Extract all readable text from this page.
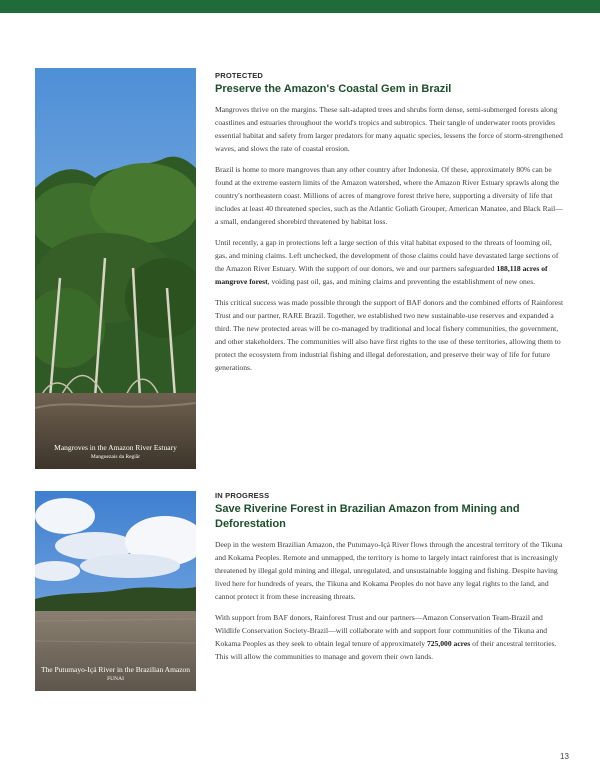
Mangroves in the Amazon River Estuary
Manguezais da Regiãr
PROTECTED
Preserve the Amazon's Coastal Gem in Brazil

Mangroves thrive on the margins. These salt-adapted trees and shrubs form dense, semi-submerged forests along coastlines and estuaries throughout the world's tropics and subtropics. Their tangle of underwater roots provides essential habitat and safety from larger predators for many aquatic species, lessens the force of storm-strengthened waves, and slows the rate of coastal erosion.

Brazil is home to more mangroves than any other country after Indonesia. Of these, approximately 80% can be found at the extreme eastern limits of the Amazon watershed, where the Amazon River Estuary sprawls along the country's northeastern coast. Millions of acres of mangrove forest thrive here, supporting a diversity of life that includes at least 40 threatened species, such as the Atlantic Goliath Grouper, American Manatee, and Black Rail—a small, endangered shorebird threatened by habitat loss.

Until recently, a gap in protections left a large section of this vital habitat exposed to the threats of looming oil, gas, and mining claims. Left unchecked, the development of those claims could have devastated large sections of the Amazon River Estuary. With the support of our donors, we and our partners safeguarded 188,118 acres of mangrove forest, voiding past oil, gas, and mining claims and preventing the establishment of new ones.

This critical success was made possible through the support of BAF donors and the combined efforts of Rainforest Trust and our partner, RARE Brazil. Together, we established two new sustainable-use reserves and expanded a third. The new protected areas will be co-managed by traditional and local fishery communities, the government, and other stakeholders. The communities will also have first rights to the use of these territories, allowing them to protect the ecosystem from industrial fishing and illegal deforestation, and preserve their way of life for future generations.

The Putumayo-Içá River in the Brazilian Amazon
FUNAI
IN PROGRESS
Save Riverine Forest in Brazilian Amazon from Mining and Deforestation

Deep in the western Brazilian Amazon, the Putumayo-Içá River flows through the ancestral territory of the Tikuna and Kokama Peoples. Remote and unmapped, the territory is home to largely intact rainforest that is increasingly threatened by illegal gold mining and illegal, unregulated, and unsustainable logging and fishing. Despite having lived here for hundreds of years, the Tikuna and Kokama Peoples do not have any legal rights to the land, and cannot protect it from these increasing threats.

With support from BAF donors, Rainforest Trust and our partners—Amazon Conservation Team-Brazil and Wildlife Conservation Society-Brazil—will collaborate with and support four communities of the Tikuna and Kokama Peoples as they seek to obtain legal tenure of approximately 725,000 acres of their ancestral territories. This will allow the communities to manage and govern their own lands.

13
